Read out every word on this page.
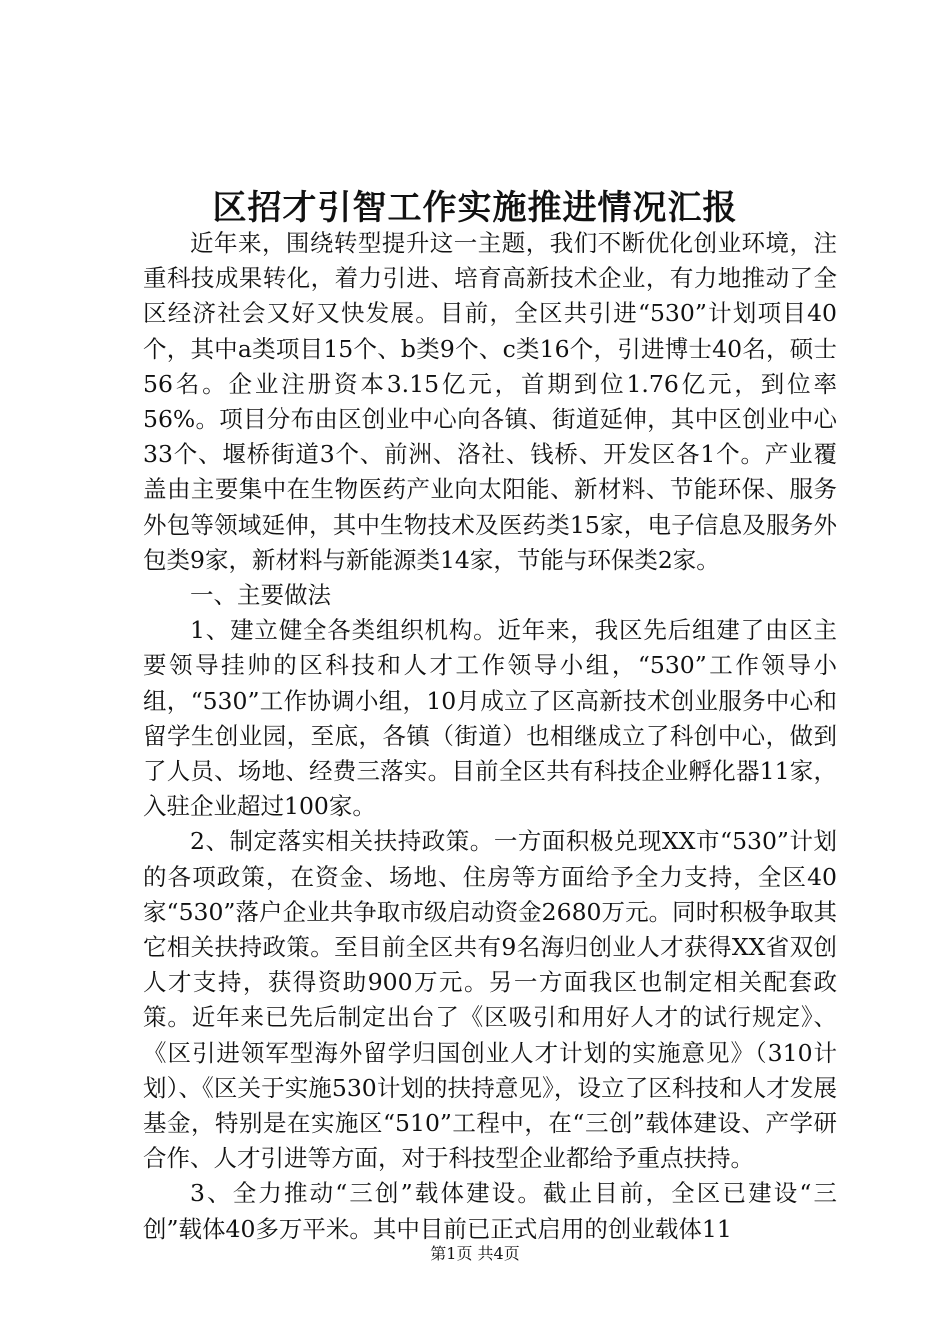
区招才引智工作实施推进情况汇报

近年来，围绕转型提升这一主题，我们不断优化创业环境，注重科技成果转化，着力引进、培育高新技术企业，有力地推动了全区经济社会又好又快发展。目前，全区共引进“530”计划项目40个，其中a类项目15个、b类9个、c类16个，引进博士40名，硕士56名。企业注册资本3.15亿元，首期到位1.76亿元，到位率56%。项目分布由区创业中心向各镇、街道延伸，其中区创业中心33个、堰桥街道3个、前洲、洛社、钱桥、开发区各1个。产业覆盖由主要集中在生物医药产业向太阳能、新材料、节能环保、服务外包等领域延伸，其中生物技术及医药类15家，电子信息及服务外包类9家，新材料与新能源类14家，节能与环保类2家。

一、主要做法

1、建立健全各类组织机构。近年来，我区先后组建了由区主要领导挂帅的区科技和人才工作领导小组，“530”工作领导小组，“530”工作协调小组，10月成立了区高新技术创业服务中心和留学生创业园，至底，各镇（街道）也相继成立了科创中心，做到了人员、场地、经费三落实。目前全区共有科技企业孵化器11家，入驻企业超过100家。

2、制定落实相关扶持政策。一方面积极兑现XX市“530”计划的各项政策，在资金、场地、住房等方面给予全力支持，全区40家“530”落户企业共争取市级启动资金2680万元。同时积极争取其它相关扶持政策。至目前全区共有9名海归创业人才获得XX省双创人才支持，获得资助900万元。另一方面我区也制定相关配套政策。近年来已先后制定出台了《区吸引和用好人才的试行规定》、《区引进领军型海外留学归国创业人才计划的实施意见》（310计划）、《区关于实施530计划的扶持意见》，设立了区科技和人才发展基金，特别是在实施区“510”工程中，在“三创”载体建设、产学研合作、人才引进等方面，对于科技型企业都给予重点扶持。

3、全力推动“三创”载体建设。截止目前，全区已建设“三创”载体40多万平米。其中目前已正式启用的创业载体11

第1页 共4页
